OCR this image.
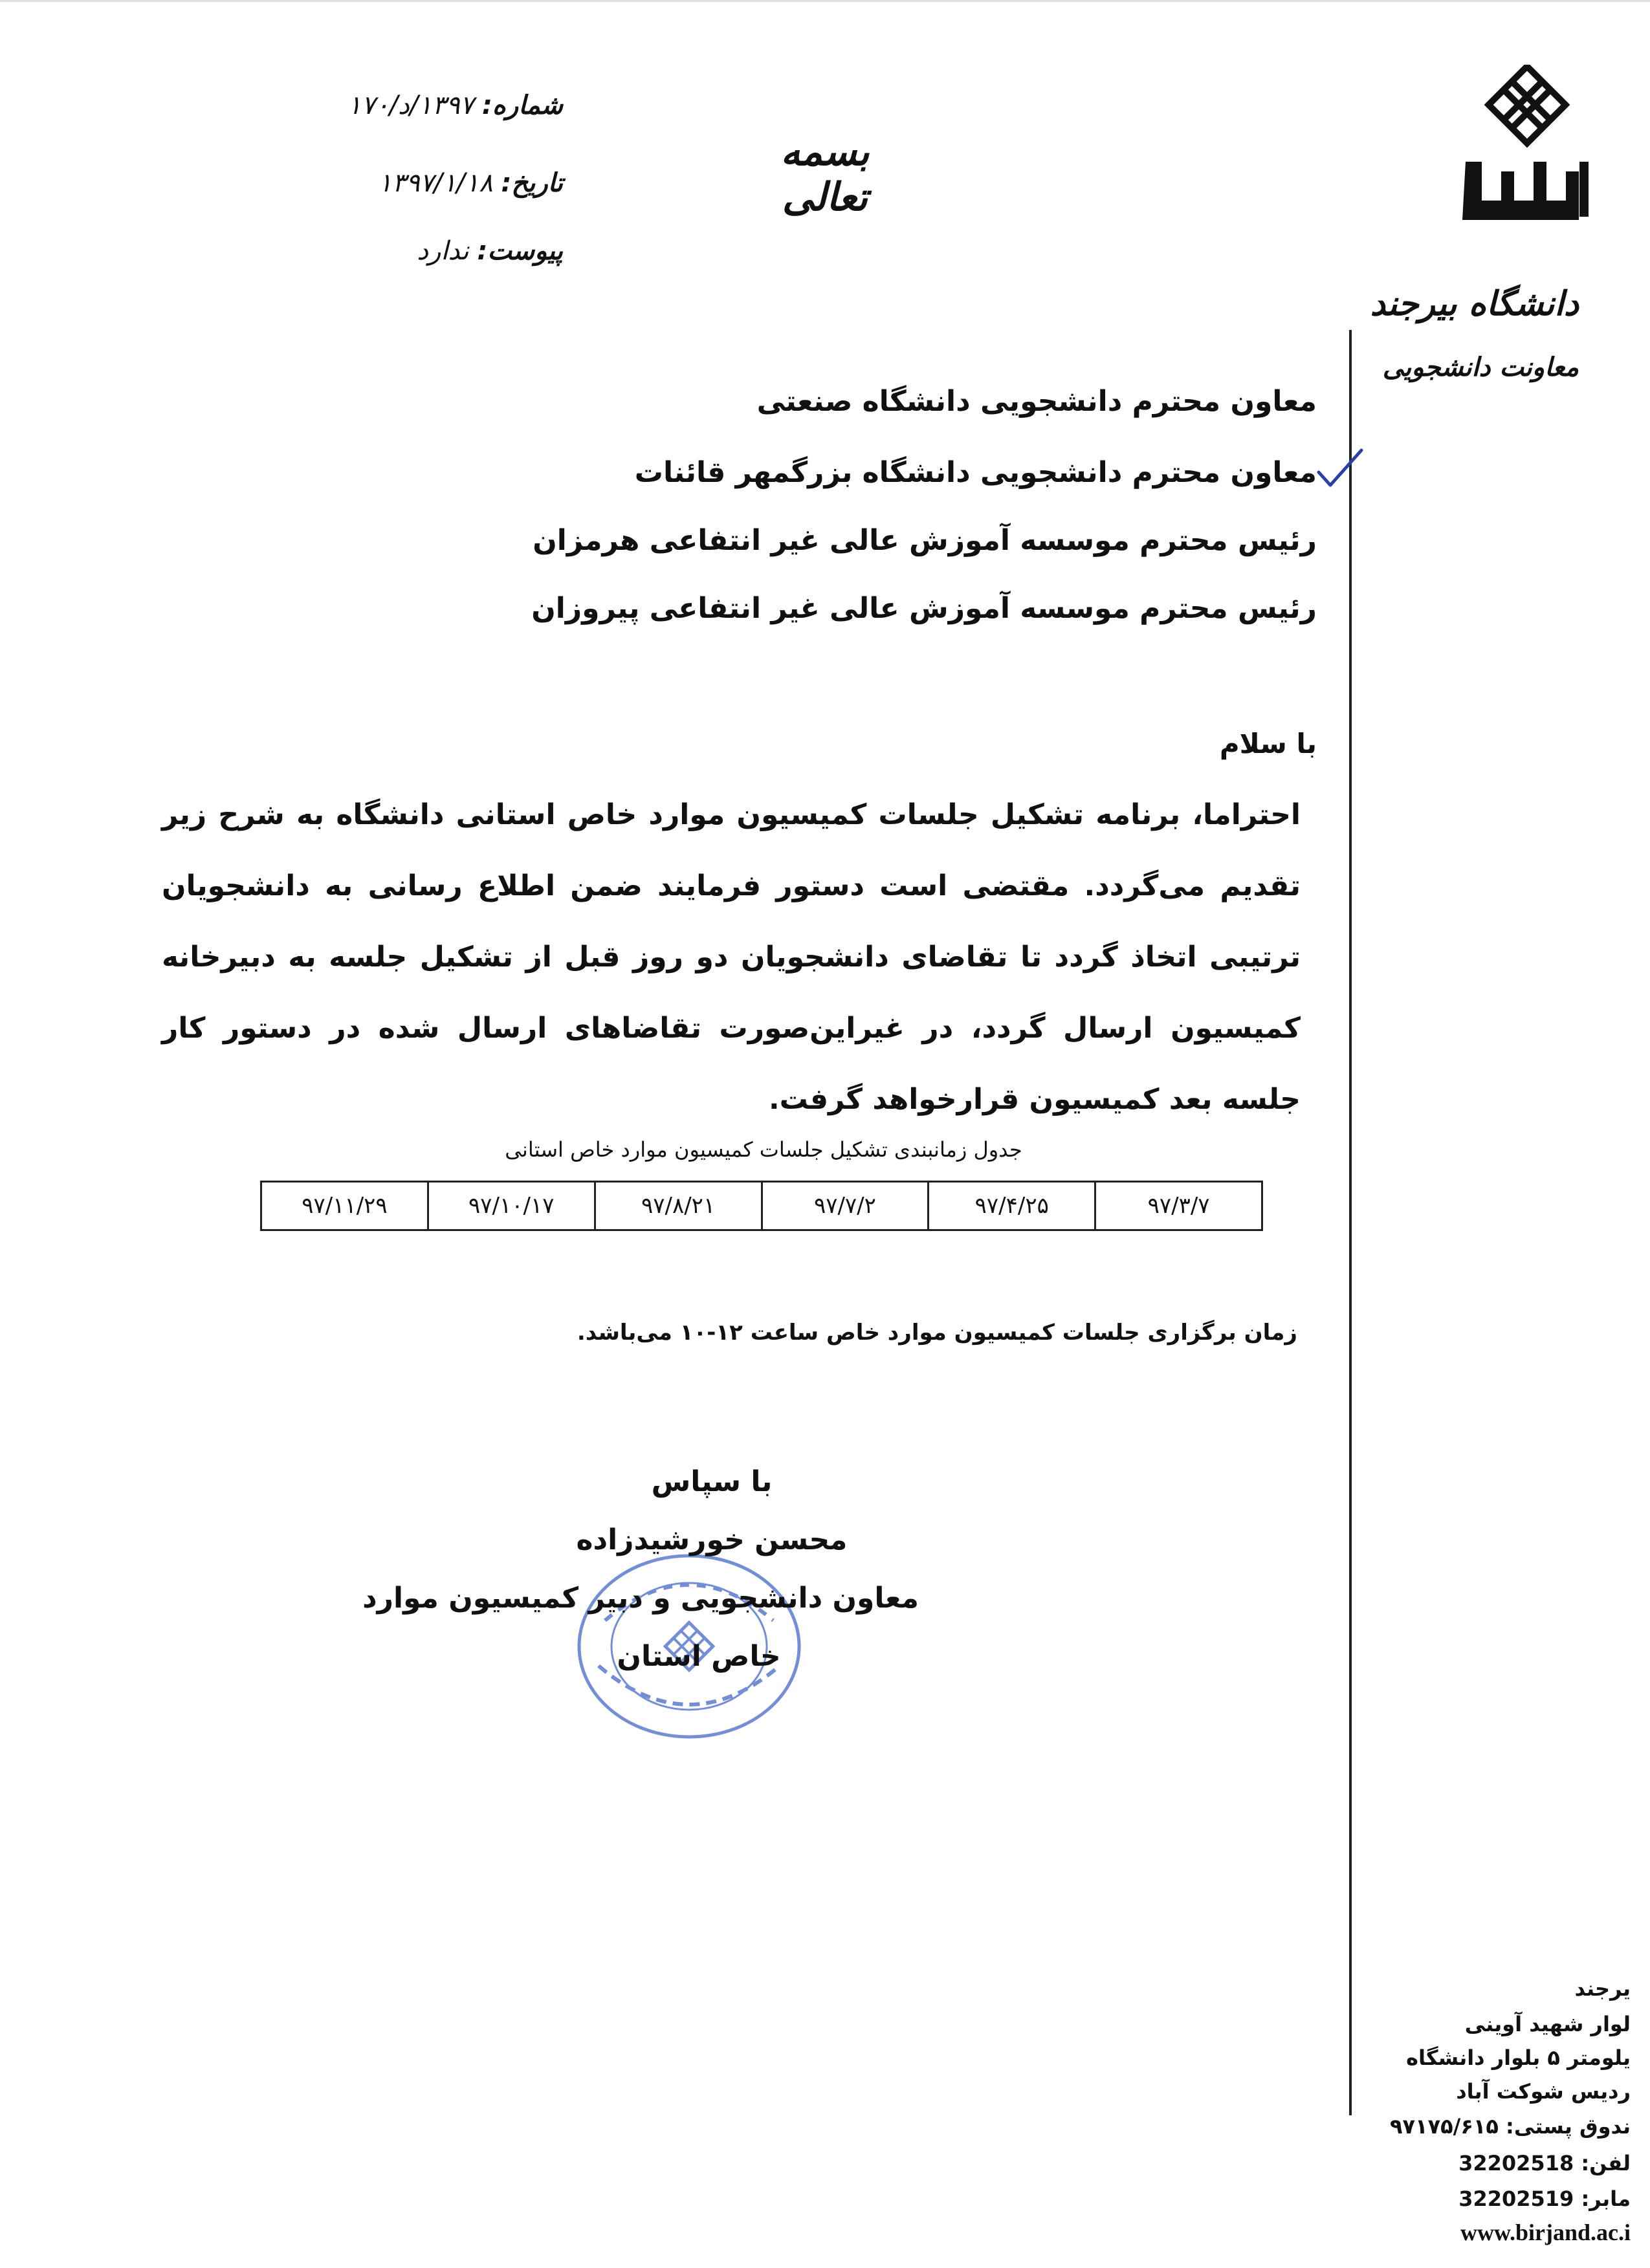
دانشگاه بیرجند
معاونت دانشجویی
بسمه تعالی
شماره: ۱۳۹۷/د/۱۷۰
تاریخ: ۱۳۹۷/۱/۱۸
پیوست: ندارد
معاون محترم دانشجویی دانشگاه صنعتی
معاون محترم دانشجویی دانشگاه بزرگمهر قائنات
رئیس محترم موسسه آموزش عالی غیر انتفاعی هرمزان
رئیس محترم موسسه آموزش عالی غیر انتفاعی پیروزان
با سلام
احتراما، برنامه تشکیل جلسات کمیسیون موارد خاص استانی دانشگاه به شرح زیر تقدیم می‌گردد. مقتضی است دستور فرمایند ضمن اطلاع رسانی به دانشجویان ترتیبی اتخاذ گردد تا تقاضای دانشجویان دو روز قبل از تشکیل جلسه به دبیرخانه کمیسیون ارسال گردد، در غیراین‌صورت تقاضاهای ارسال شده در دستور کار جلسه بعد کمیسیون قرارخواهد گرفت.
جدول زمانبندی تشکیل جلسات کمیسیون موارد خاص استانی
۹۷/۳/۷	۹۷/۴/۲۵	۹۷/۷/۲	۹۷/۸/۲۱	۹۷/۱۰/۱۷	۹۷/۱۱/۲۹
زمان برگزاری جلسات کمیسیون موارد خاص ساعت ۱۲-۱۰ می‌باشد.
با سپاس
محسن خورشیدزاده
معاون دانشجویی و دبیر کمیسیون موارد
خاص استان
یرجند
لوار شهید آوینی
یلومتر ۵ بلوار دانشگاه
ردیس شوکت آباد
ندوق پستی: ۹۷۱۷۵/۶۱۵
لفن: 32202518
مابر: 32202519
www.birjand.ac.i
